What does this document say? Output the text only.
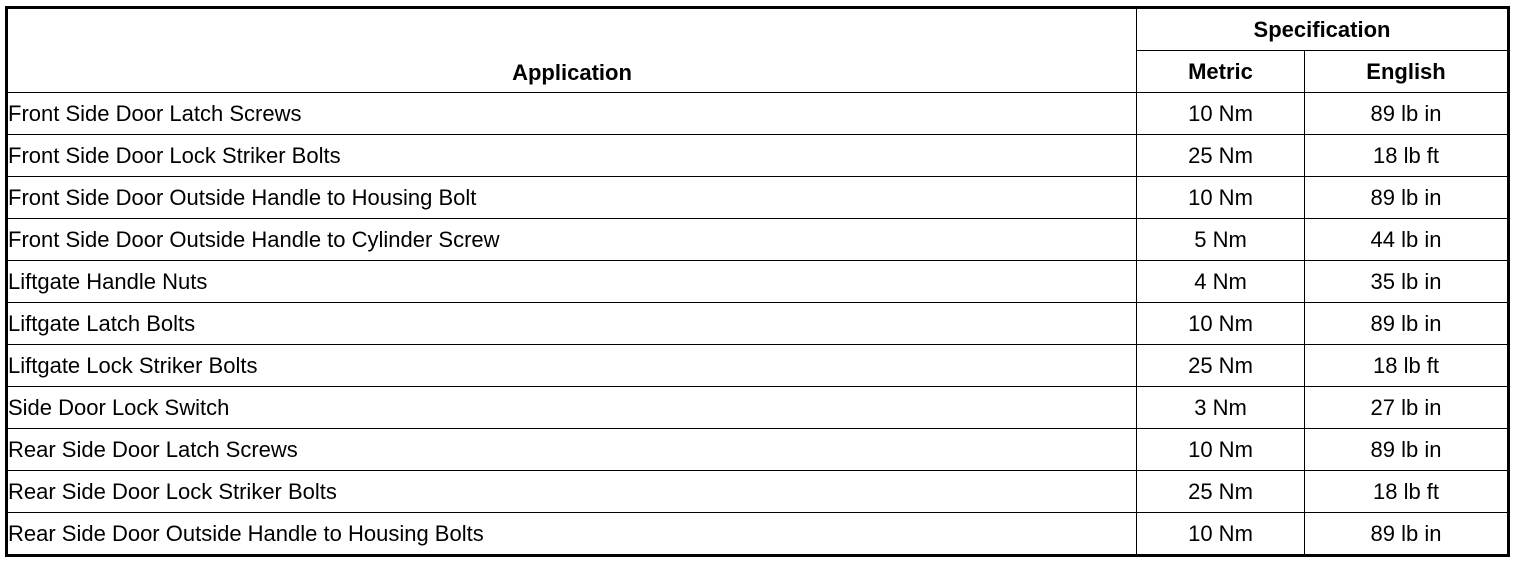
Application	Specification	
	Metric	English
Front Side Door Latch Screws	10 Nm	89 lb in
Front Side Door Lock Striker Bolts	25 Nm	18 lb ft
Front Side Door Outside Handle to Housing Bolt	10 Nm	89 lb in
Front Side Door Outside Handle to Cylinder Screw	5 Nm	44 lb in
Liftgate Handle Nuts	4 Nm	35 lb in
Liftgate Latch Bolts	10 Nm	89 lb in
Liftgate Lock Striker Bolts	25 Nm	18 lb ft
Side Door Lock Switch	3 Nm	27 lb in
Rear Side Door Latch Screws	10 Nm	89 lb in
Rear Side Door Lock Striker Bolts	25 Nm	18 lb ft
Rear Side Door Outside Handle to Housing Bolts	10 Nm	89 lb in
